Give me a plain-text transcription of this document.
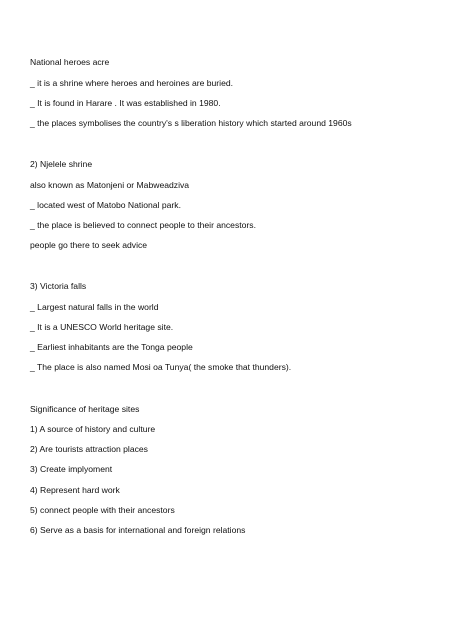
National heroes acre
_ it is a shrine where heroes and heroines are buried.
_ It is found in Harare . It was established in 1980.
_ the places symbolises the country's s liberation history which started around 1960s
2) Njelele shrine
also known as Matonjeni or Mabweadziva
_ located west of Matobo National park.
_ the place is believed to connect people to their ancestors.
people go there to seek advice
3) Victoria falls
_ Largest natural falls in the world
_ It is a UNESCO World heritage site.
_ Earliest inhabitants are the Tonga people
_ The place is also named Mosi oa Tunya( the smoke that thunders).
Significance of heritage sites
1) A source of history and culture
2) Are tourists attraction places
3) Create implyoment
4) Represent hard work
5) connect people with their ancestors
6) Serve as a basis for international and foreign relations
